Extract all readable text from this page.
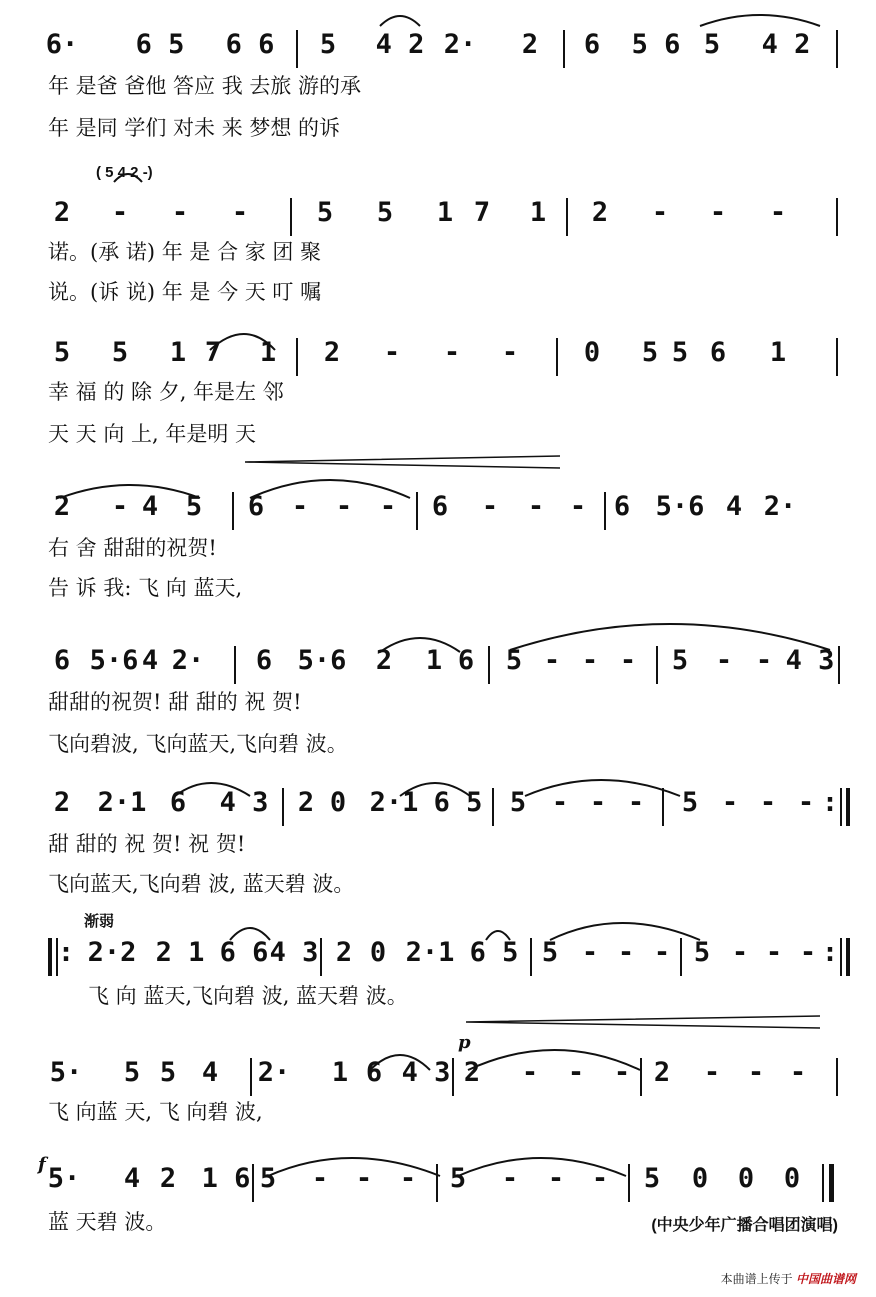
6· 6 5 6 6 5 4 2 2· 2 6 5 6 5 4 2
年 是爸 爸他 答应 我 去旅 游的承
年 是同 学们 对未 来 梦想 的诉
( 5 4 2 -)
2 - - -	5 5 1 7 1 2 - - -
诺。(承 诺) 年 是 合 家 团 聚
说。(诉 说) 年 是 今 天 叮 嘱
5 5 1 7 1 2 - - - 0 5 5 6 1
幸 福 的 除 夕, 年是左 邻
天 天 向 上, 年是明 天
2 - 4 5 6 - - - 6 - - - 6 5·6 4 2·
右 舍 甜甜的祝贺!
告 诉 我: 飞 向 蓝天,
6 5·6 4 2· 6 5·6 2 1 6 5 - - - 5 - - 4 3
甜甜的祝贺! 甜 甜的 祝 贺!
飞向碧波, 飞向蓝天,飞向碧 波。
2 2·1 6 4 3 2 0 2·1 6 5 5 - - - 5 - - - :
甜 甜的 祝 贺! 祝 贺!
飞向蓝天,飞向碧 波, 蓝天碧 波。
渐弱
: 2·2 2 1 6 6 4 3 2 0 2·1 6 5 5 - - - 5 - - - :
飞 向 蓝天,飞向碧 波, 蓝天碧 波。
p
5· 5 5 4 2· 1 6 4 3 2 - - - 2 - - -
飞 向蓝 天, 飞 向碧 波,
f 5· 4 2 1 6 5 - - - 5 - - - 5 0 0 0
蓝 天碧 波。	(中央少年广播合唱团演唱)
本曲谱上传于 中国曲谱网
